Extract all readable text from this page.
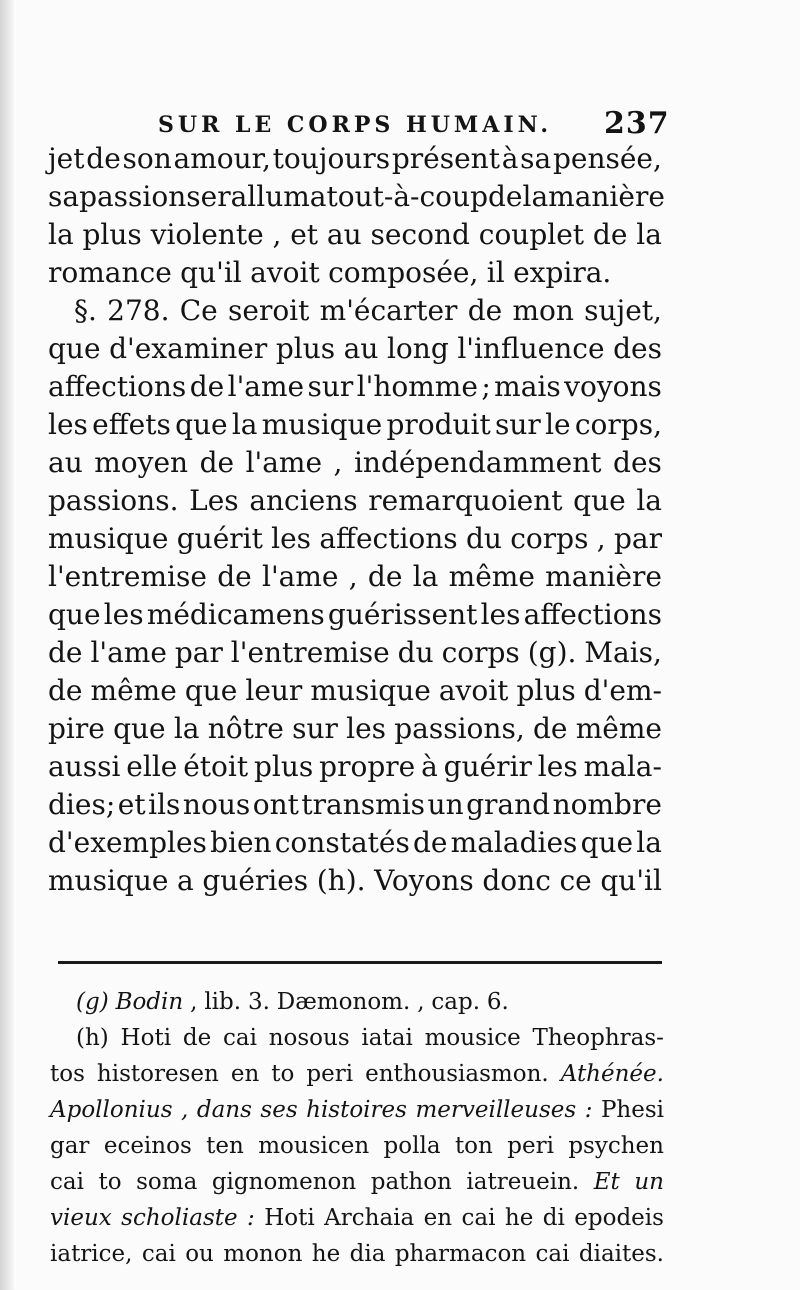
SUR LE CORPS HUMAIN. 237
jet de son amour, toujours présent à sa pensée,
sa passion se ralluma tout-à-coup de la manière
la plus violente , et au second couplet de la
romance qu'il avoit composée, il expira.
§. 278. Ce seroit m'écarter de mon sujet,
que d'examiner plus au long l'influence des
affections de l'ame sur l'homme ; mais voyons
les effets que la musique produit sur le corps,
au moyen de l'ame , indépendamment des
passions. Les anciens remarquoient que la
musique guérit les affections du corps , par
l'entremise de l'ame , de la même manière
que les médicamens guérissent les affections
de l'ame par l'entremise du corps (g). Mais,
de même que leur musique avoit plus d'em-
pire que la nôtre sur les passions, de même
aussi elle étoit plus propre à guérir les mala-
dies; et ils nous ont transmis un grand nombre
d'exemples bien constatés de maladies que la
musique a guéries (h). Voyons donc ce qu'il
(g) Bodin , lib. 3. Dæmonom. , cap. 6.
(h) Hoti de cai nosous iatai mousice Theophras-
tos historesen en to peri enthousiasmon. Athénée.
Apollonius , dans ses histoires merveilleuses : Phesi
gar eceinos ten mousicen polla ton peri psychen
cai to soma gignomenon pathon iatreuein. Et un
vieux scholiaste : Hoti Archaia en cai he di epodeis
iatrice, cai ou monon he dia pharmacon cai diaites.
